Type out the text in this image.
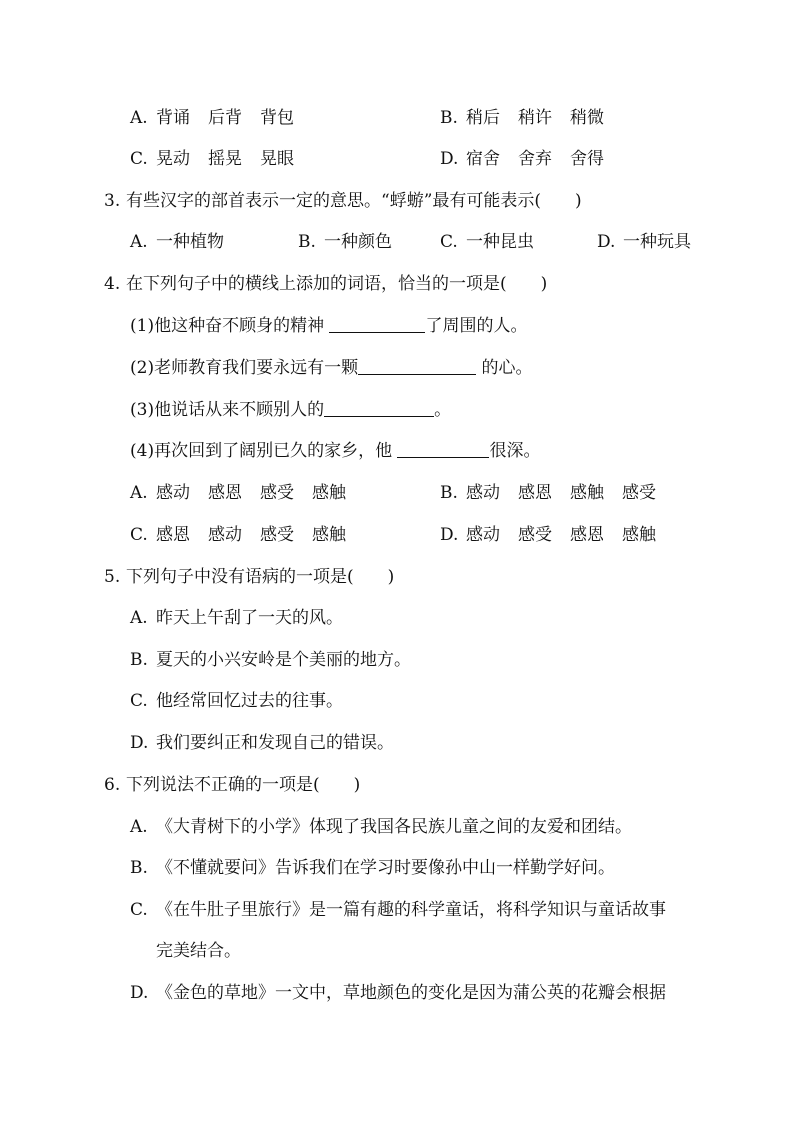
A. 背诵 后背 背包	B. 稍后 稍许 稍微
C. 晃动 摇晃 晃眼	D. 宿舍 舍弃 舍得
3. 有些汉字的部首表示一定的意思。“蜉蝣”最有可能表示(　　)
A. 一种植物	B. 一种颜色	C. 一种昆虫	D. 一种玩具
4. 在下列句子中的横线上添加的词语，恰当的一项是(　　)
(1)他这种奋不顾身的精神	了周围的人。
(2)老师教育我们要永远有一颗	的心。
(3)他说话从来不顾别人的	。
(4)再次回到了阔别已久的家乡，他	很深。
A. 感动 感恩 感受 感触	B. 感动 感恩 感触 感受
C. 感恩 感动 感受 感触	D. 感动 感受 感恩 感触
5. 下列句子中没有语病的一项是(　　)
A. 昨天上午刮了一天的风。
B. 夏天的小兴安岭是个美丽的地方。
C. 他经常回忆过去的往事。
D. 我们要纠正和发现自己的错误。
6. 下列说法不正确的一项是(　　)
A. 《大青树下的小学》体现了我国各民族儿童之间的友爱和团结。
B. 《不懂就要问》告诉我们在学习时要像孙中山一样勤学好问。
C. 《在牛肚子里旅行》是一篇有趣的科学童话，将科学知识与童话故事
完美结合。
D. 《金色的草地》一文中，草地颜色的变化是因为蒲公英的花瓣会根据
